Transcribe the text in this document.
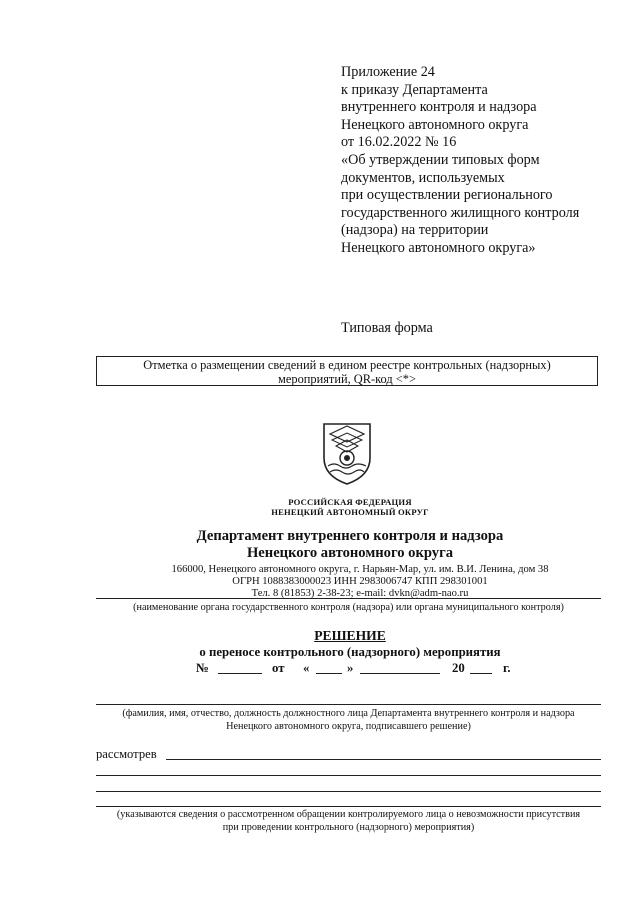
Приложение 24
к приказу Департамента
внутреннего контроля и надзора
Ненецкого автономного округа
от 16.02.2022 № 16
«Об утверждении типовых форм
документов, используемых
при осуществлении регионального
государственного жилищного контроля
(надзора) на территории
Ненецкого автономного округа»
Типовая форма
Отметка о размещении сведений в едином реестре контрольных (надзорных)
мероприятий, QR-код <*>
РОССИЙСКАЯ ФЕДЕРАЦИЯ
НЕНЕЦКИЙ АВТОНОМНЫЙ ОКРУГ
Департамент внутреннего контроля и надзора
Ненецкого автономного округа
166000, Ненецкого автономного округа, г. Нарьян-Мар, ул. им. В.И. Ленина, дом 38
ОГРН 1088383000023 ИНН 2983006747 КПП 298301001
Тел. 8 (81853) 2-38-23; e-mail: dvkn@adm-nao.ru
(наименование органа государственного контроля (надзора) или органа муниципального контроля)
РЕШЕНИЕ
о переносе контрольного (надзорного) мероприятия
№	от «	»	20	г.
(фамилия, имя, отчество, должность должностного лица Департамента внутреннего контроля и надзора
Ненецкого автономного округа, подписавшего решение)
рассмотрев
(указываются сведения о рассмотренном обращении контролируемого лица о невозможности присутствия
при проведении контрольного (надзорного) мероприятия)
